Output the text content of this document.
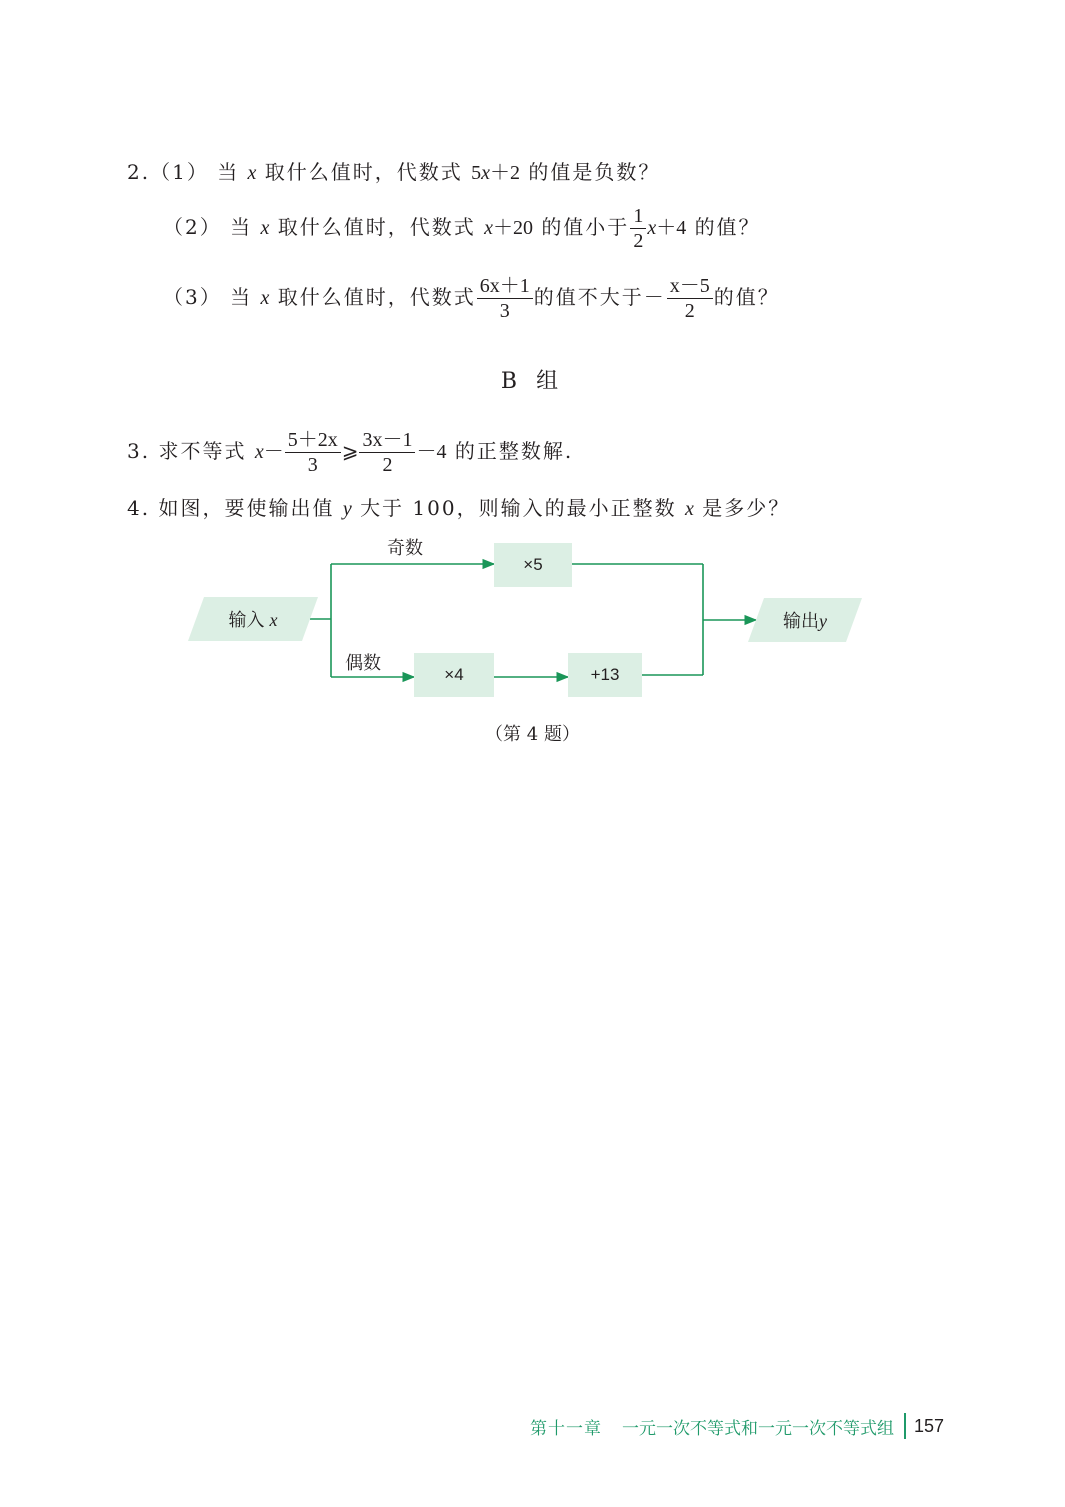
2.（1） 当 x 取什么值时，代数式 5x＋2 的值是负数？
（2） 当 x 取什么值时，代数式 x＋20 的值小于 $\frac{1}{2} x+4$ 的值？
（3） 当 x 取什么值时，代数式 $\frac{6x+1}{3}$ 的值不大于－ $\frac{x-5}{2}$ 的值？
B 组
3. 求不等式 $x- \frac{5+2x}{3}$ ⩾ $\frac{3x-1}{2} -4$ 的正整数解.
4. 如图，要使输出值 y 大于 100，则输入的最小正整数 x 是多少？
输入 x
奇数
偶数
×5
×4	+13
输出y
（第 4 题）
第十一章 一元一次不等式和一元一次不等式组 157
